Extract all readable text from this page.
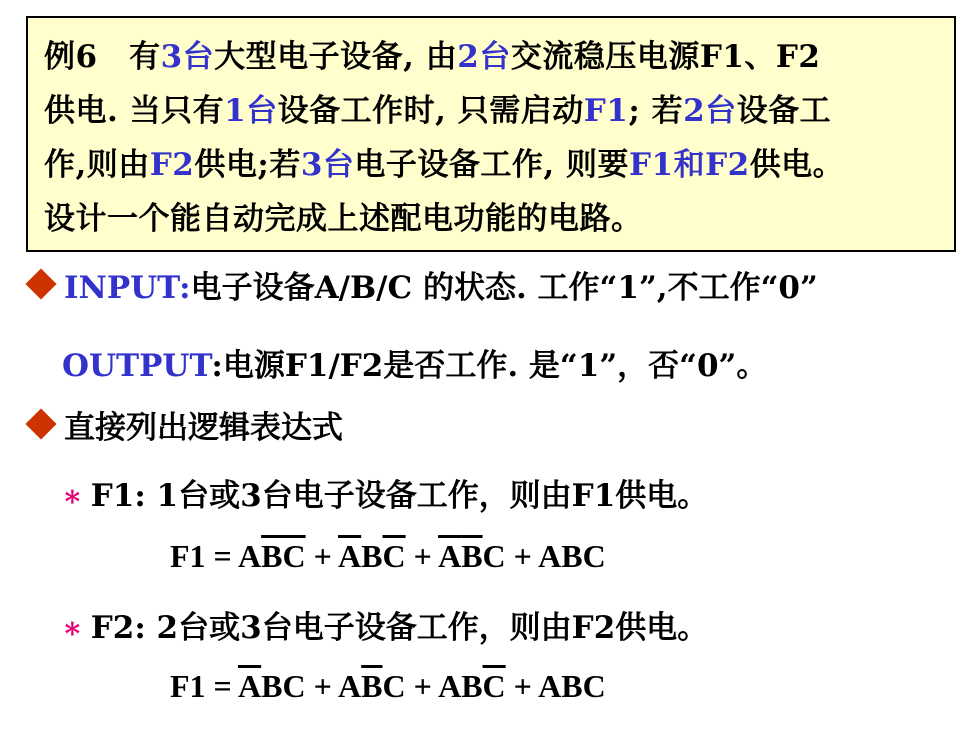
例6　有3台大型电子设备, 由2台交流稳压电源F1、F2
供电. 当只有1台设备工作时, 只需启动F1; 若2台设备工
作,则由F2供电;若3台电子设备工作, 则要F1和F2供电。
设计一个能自动完成上述配电功能的电路。
INPUT:电子设备A/B/C 的状态. 工作“1”,不工作“0”
OUTPUT:电源F1/F2是否工作. 是“1”，否“0”。
直接列出逻辑表达式
∗ F1: 1台或3台电子设备工作，则由F1供电。
$F1 = A\overline{B}\overline{C} + \overline{A}B\overline{C} + \overline{A}\overline{B}C$ + ABC
∗ F2: 2台或3台电子设备工作，则由F2供电。
$F1 = \overline{A}BC + A\overline{B}C + AB\overline{C}$ + ABC
